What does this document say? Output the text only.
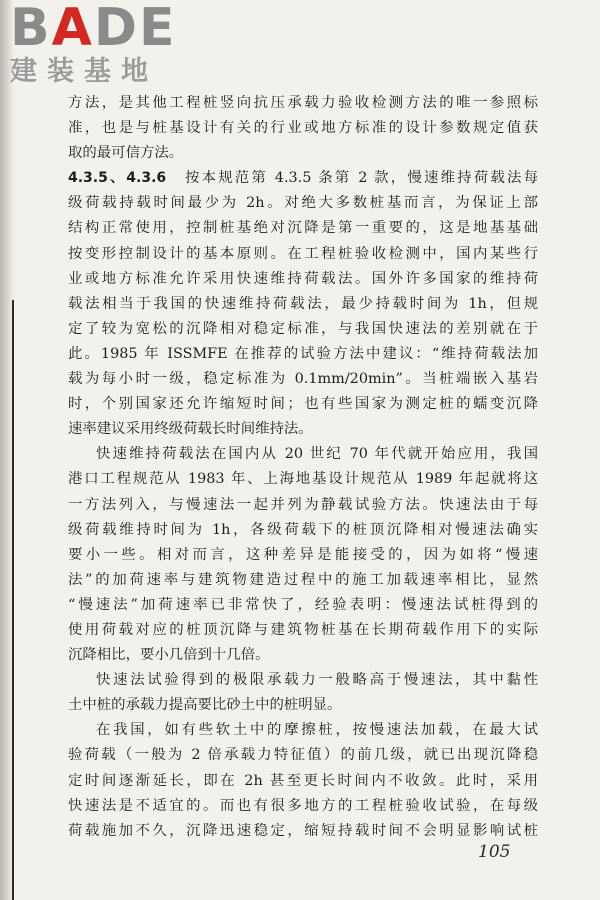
BADE
建装基地
方法，是其他工程桩竖向抗压承载力验收检测方法的唯一参照标
准，也是与桩基设计有关的行业或地方标准的设计参数规定值获
取的最可信方法。
4.3.5、4.3.6　 按本规范第 4.3.5 条第 2 款，慢速维持荷载法每
级荷载持载时间最少为 2h。对绝大多数桩基而言，为保证上部
结构正常使用，控制桩基绝对沉降是第一重要的，这是地基基础
按变形控制设计的基本原则。在工程桩验收检测中，国内某些行
业或地方标准允许采用快速维持荷载法。国外许多国家的维持荷
载法相当于我国的快速维持荷载法，最少持载时间为 1h，但规
定了较为宽松的沉降相对稳定标准，与我国快速法的差别就在于
此。1985 年 ISSMFE 在推荐的试验方法中建议：“维持荷载法加
载为每小时一级，稳定标准为 0.1mm/20min”。当桩端嵌入基岩
时，个别国家还允许缩短时间；也有些国家为测定桩的蠕变沉降
速率建议采用终级荷载长时间维持法。
快速维持荷载法在国内从 20 世纪 70 年代就开始应用，我国
港口工程规范从 1983 年、上海地基设计规范从 1989 年起就将这
一方法列入，与慢速法一起并列为静载试验方法。快速法由于每
级荷载维持时间为 1h，各级荷载下的桩顶沉降相对慢速法确实
要小一些。相对而言，这种差异是能接受的，因为如将“慢速
法”的加荷速率与建筑物建造过程中的施工加载速率相比，显然
“慢速法”加荷速率已非常快了，经验表明：慢速法试桩得到的
使用荷载对应的桩顶沉降与建筑物桩基在长期荷载作用下的实际
沉降相比，要小几倍到十几倍。
快速法试验得到的极限承载力一般略高于慢速法，其中黏性
土中桩的承载力提高要比砂土中的桩明显。
在我国，如有些软土中的摩擦桩，按慢速法加载，在最大试
验荷载（一般为 2 倍承载力特征值）的前几级，就已出现沉降稳
定时间逐渐延长，即在 2h 甚至更长时间内不收敛。此时，采用
快速法是不适宜的。而也有很多地方的工程桩验收试验，在每级
荷载施加不久，沉降迅速稳定，缩短持载时间不会明显影响试桩
105
